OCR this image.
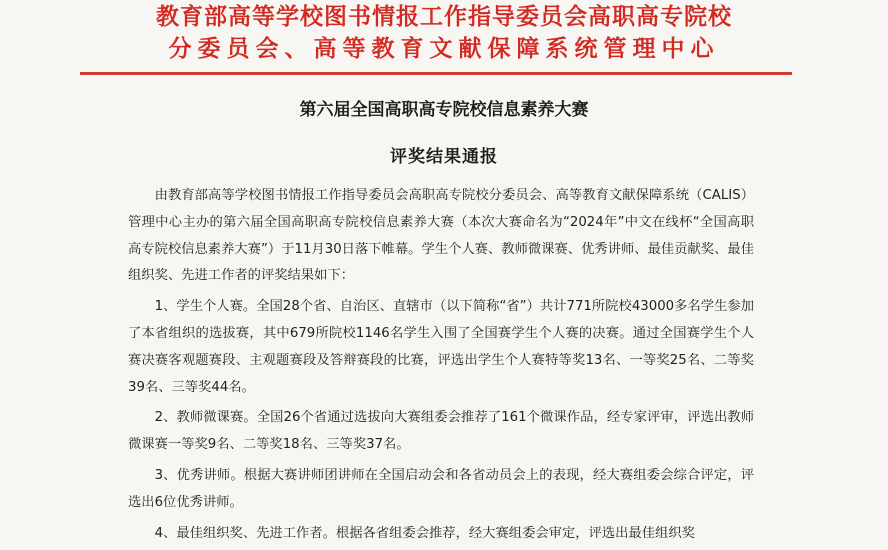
教育部高等学校图书情报工作指导委员会高职高专院校
分委员会、高等教育文献保障系统管理中心
第六届全国高职高专院校信息素养大赛
评奖结果通报

由教育部高等学校图书情报工作指导委员会高职高专院校分委员会、高等教育文献保障系统（CALIS）管理中心主办的第六届全国高职高专院校信息素养大赛（本次大赛命名为“2024年”中文在线杯“全国高职高专院校信息素养大赛”）于11月30日落下帷幕。学生个人赛、教师微课赛、优秀讲师、最佳贡献奖、最佳组织奖、先进工作者的评奖结果如下：

1、学生个人赛。全国28个省、自治区、直辖市（以下简称“省”）共计771所院校43000多名学生参加了本省组织的选拔赛，其中679所院校1146名学生入围了全国赛学生个人赛的决赛。通过全国赛学生个人赛决赛客观题赛段、主观题赛段及答辩赛段的比赛，评选出学生个人赛特等奖13名、一等奖25名、二等奖39名、三等奖44名。

2、教师微课赛。全国26个省通过选拔向大赛组委会推荐了161个微课作品，经专家评审，评选出教师微课赛一等奖9名、二等奖18名、三等奖37名。

3、优秀讲师。根据大赛讲师团讲师在全国启动会和各省动员会上的表现，经大赛组委会综合评定，评选出6位优秀讲师。

4、最佳组织奖、先进工作者。根据各省组委会推荐，经大赛组委会审定，评选出最佳组织奖
